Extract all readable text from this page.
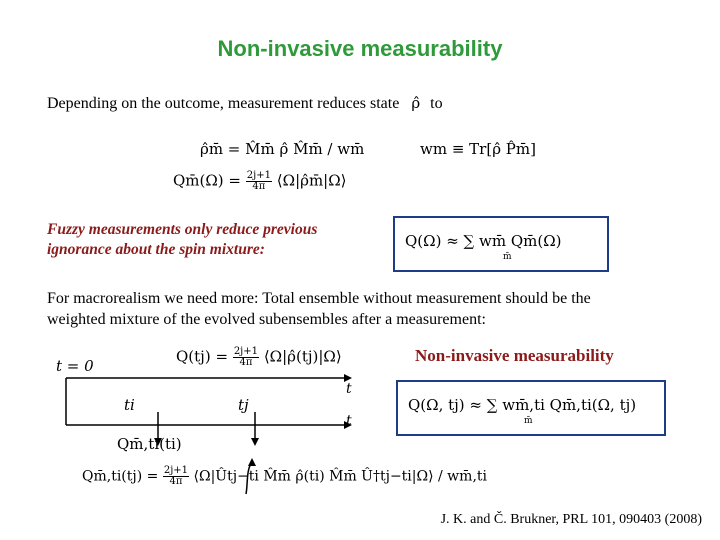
Non-invasive measurability
Depending on the outcome, measurement reduces state ρ̂ to
ρ̂m̄ = M̂m̄ ρ̂ M̂m̄ / wm̄	wm ≡ Tr[ρ̂ P̂m̄]
Qm̄(Ω) = $\frac{2j+1}{4\pi}$ ⟨Ω|ρ̂m̄|Ω⟩
Fuzzy measurements only reduce previous
ignorance about the spin mixture:	Q(Ω) ≈ ∑ wm̄ Qm̄(Ω)
m̄
For macrorealism we need more: Total ensemble without measurement should be the
weighted mixture of the evolved subensembles after a measurement:
Non-invasive measurability
t = 0
ti	tj
t
t
$Q(tj) = \frac{2j+1}{4\pi}$ ⟨Ω|ρ̂(tj)|Ω⟩
Qm̄,ti(ti)
Q(Ω, tj) ≈ ∑ wm̄,ti Qm̄,ti(Ω, tj)
m̄
Qm̄,ti(tj) = $\frac{2j+1}{4\pi}$ ⟨Ω|Ûtj−ti M̂m̄ ρ̂(ti) M̂m̄ Û†tj−ti|Ω⟩ / wm̄,ti
J. K. and Č. Brukner, PRL 101, 090403 (2008)
